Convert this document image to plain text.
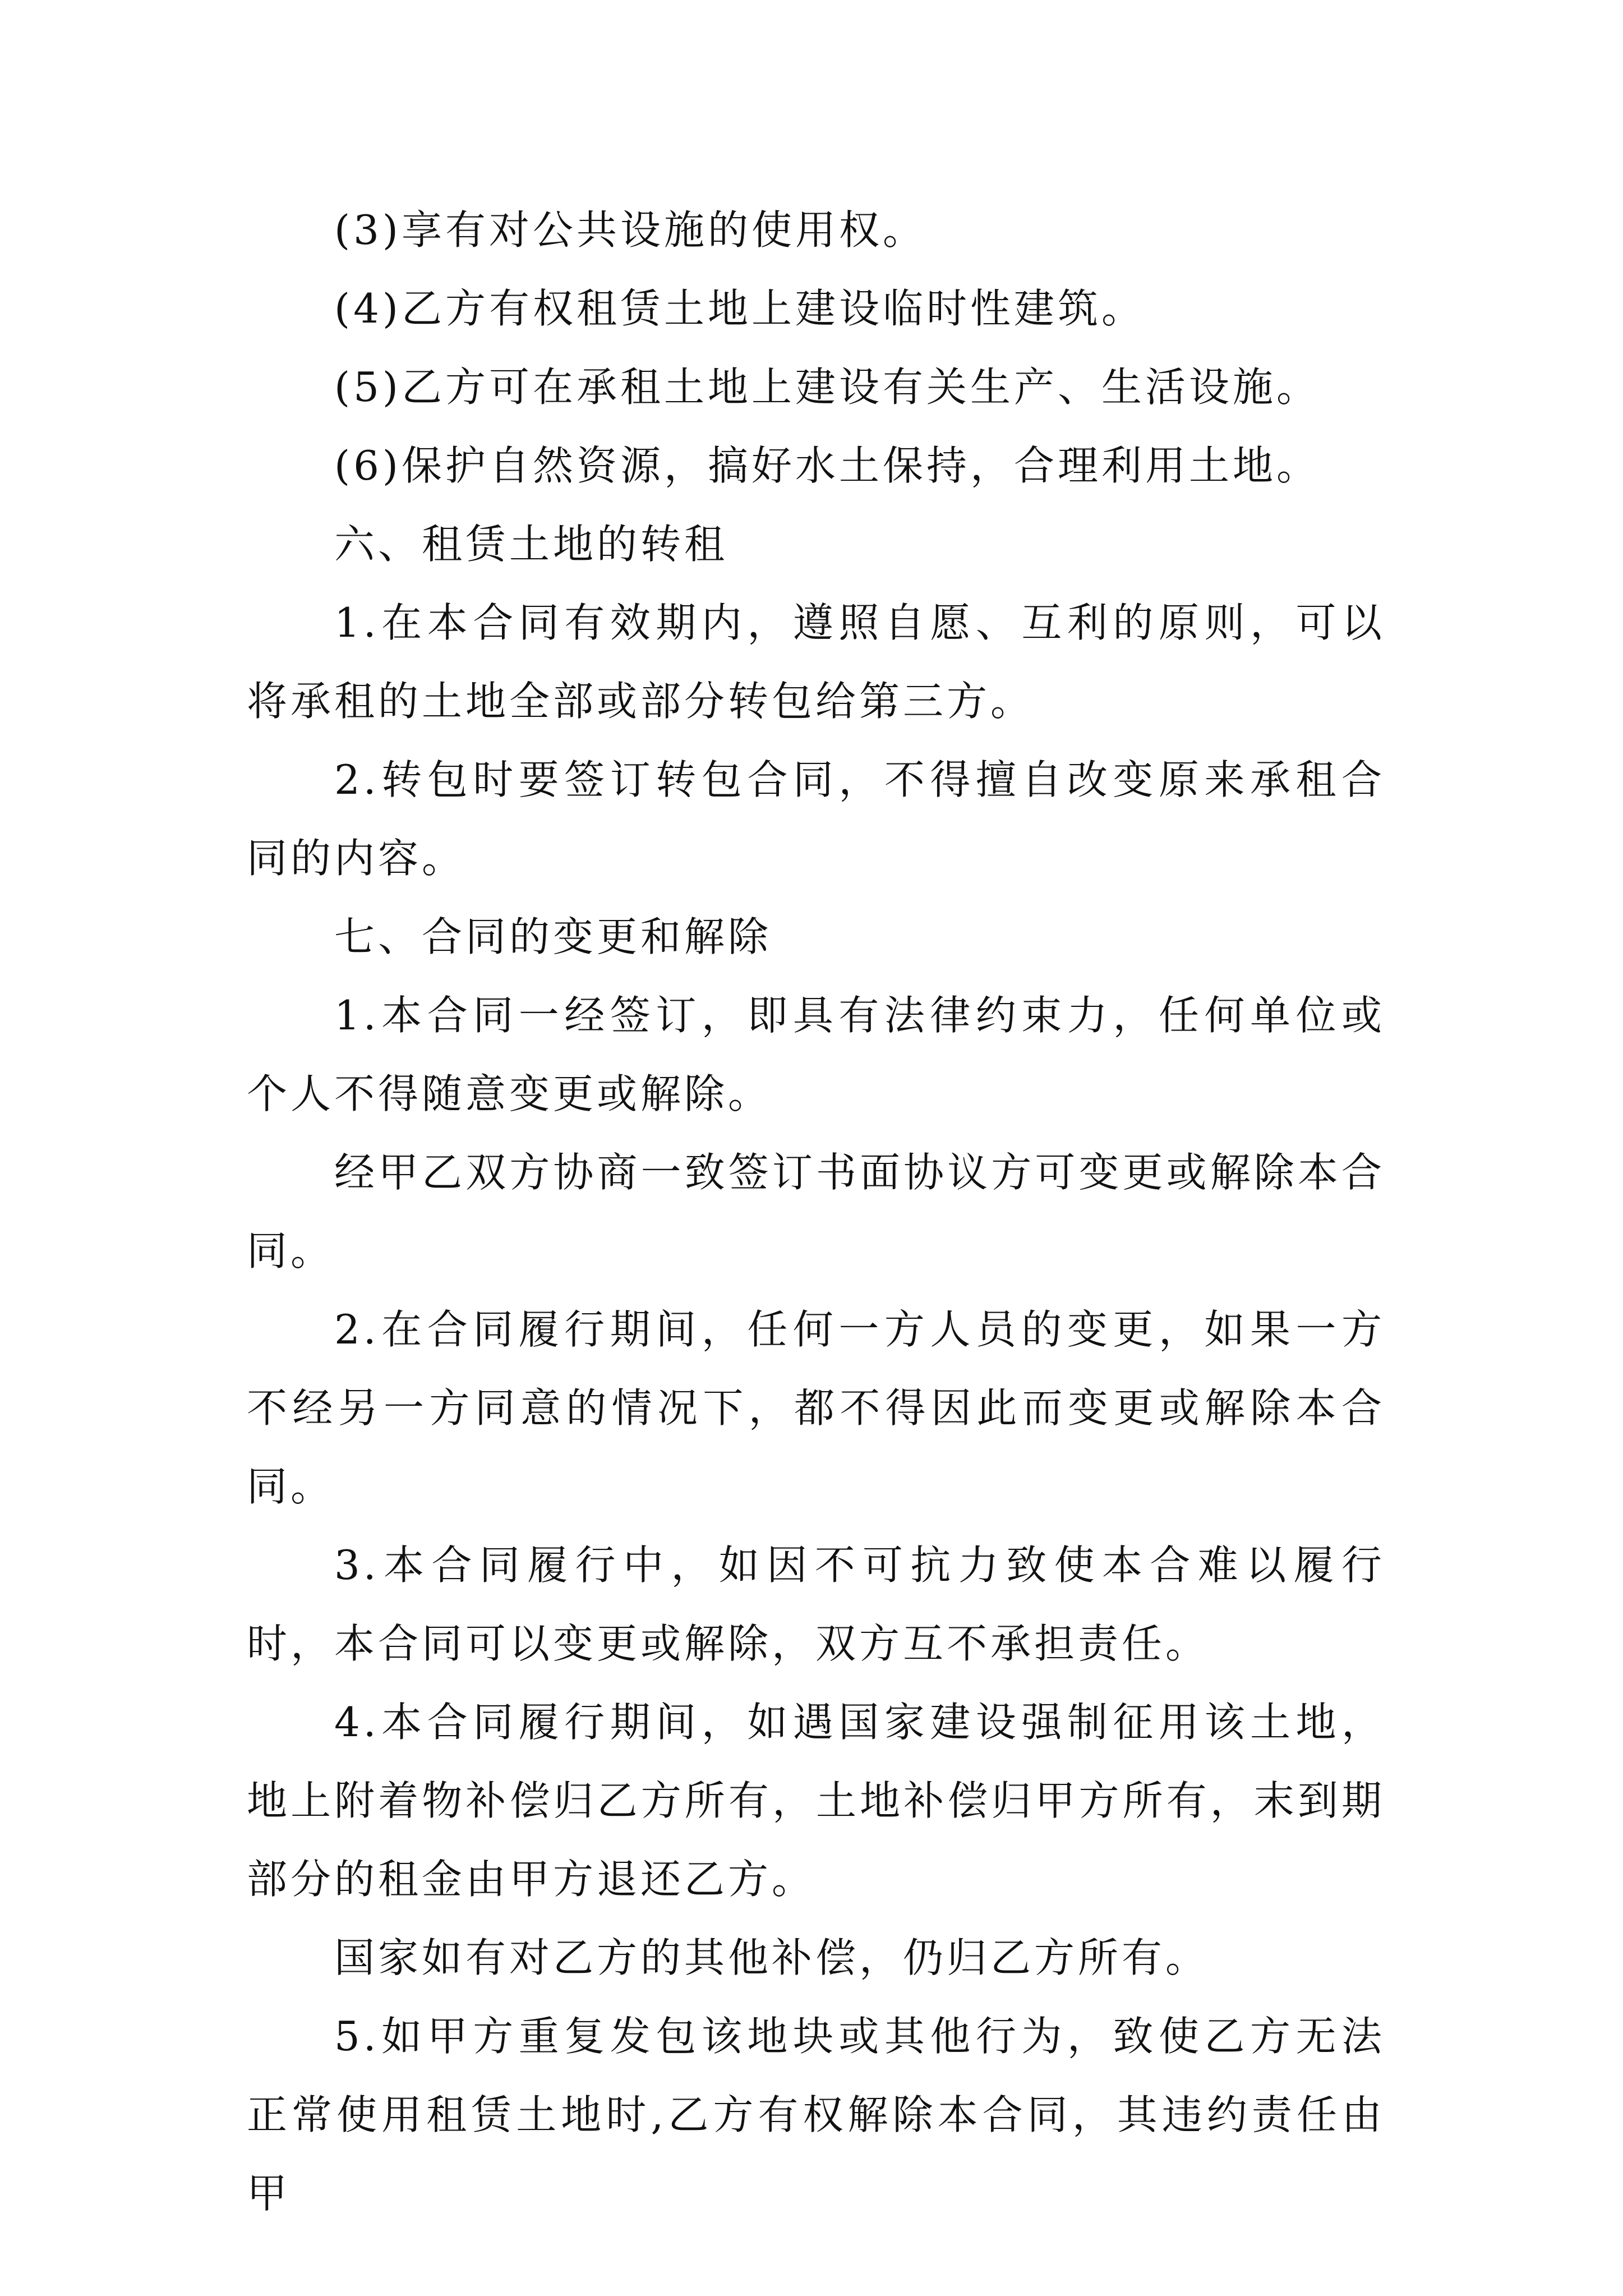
(3)享有对公共设施的使用权。

(4)乙方有权租赁土地上建设临时性建筑。

(5)乙方可在承租土地上建设有关生产、生活设施。

(6)保护自然资源，搞好水土保持，合理利用土地。

六、租赁土地的转租

1.在本合同有效期内，遵照自愿、互利的原则，可以将承租的土地全部或部分转包给第三方。

2.转包时要签订转包合同，不得擅自改变原来承租合同的内容。

七、合同的变更和解除

1.本合同一经签订，即具有法律约束力，任何单位或个人不得随意变更或解除。

经甲乙双方协商一致签订书面协议方可变更或解除本合同。

2.在合同履行期间，任何一方人员的变更，如果一方不经另一方同意的情况下，都不得因此而变更或解除本合同。

3.本合同履行中，如因不可抗力致使本合难以履行时，本合同可以变更或解除，双方互不承担责任。

4.本合同履行期间，如遇国家建设强制征用该土地，地上附着物补偿归乙方所有，土地补偿归甲方所有，末到期部分的租金由甲方退还乙方。

国家如有对乙方的其他补偿，仍归乙方所有。

5.如甲方重复发包该地块或其他行为，致使乙方无法正常使用租赁土地时,乙方有权解除本合同，其违约责任由甲
